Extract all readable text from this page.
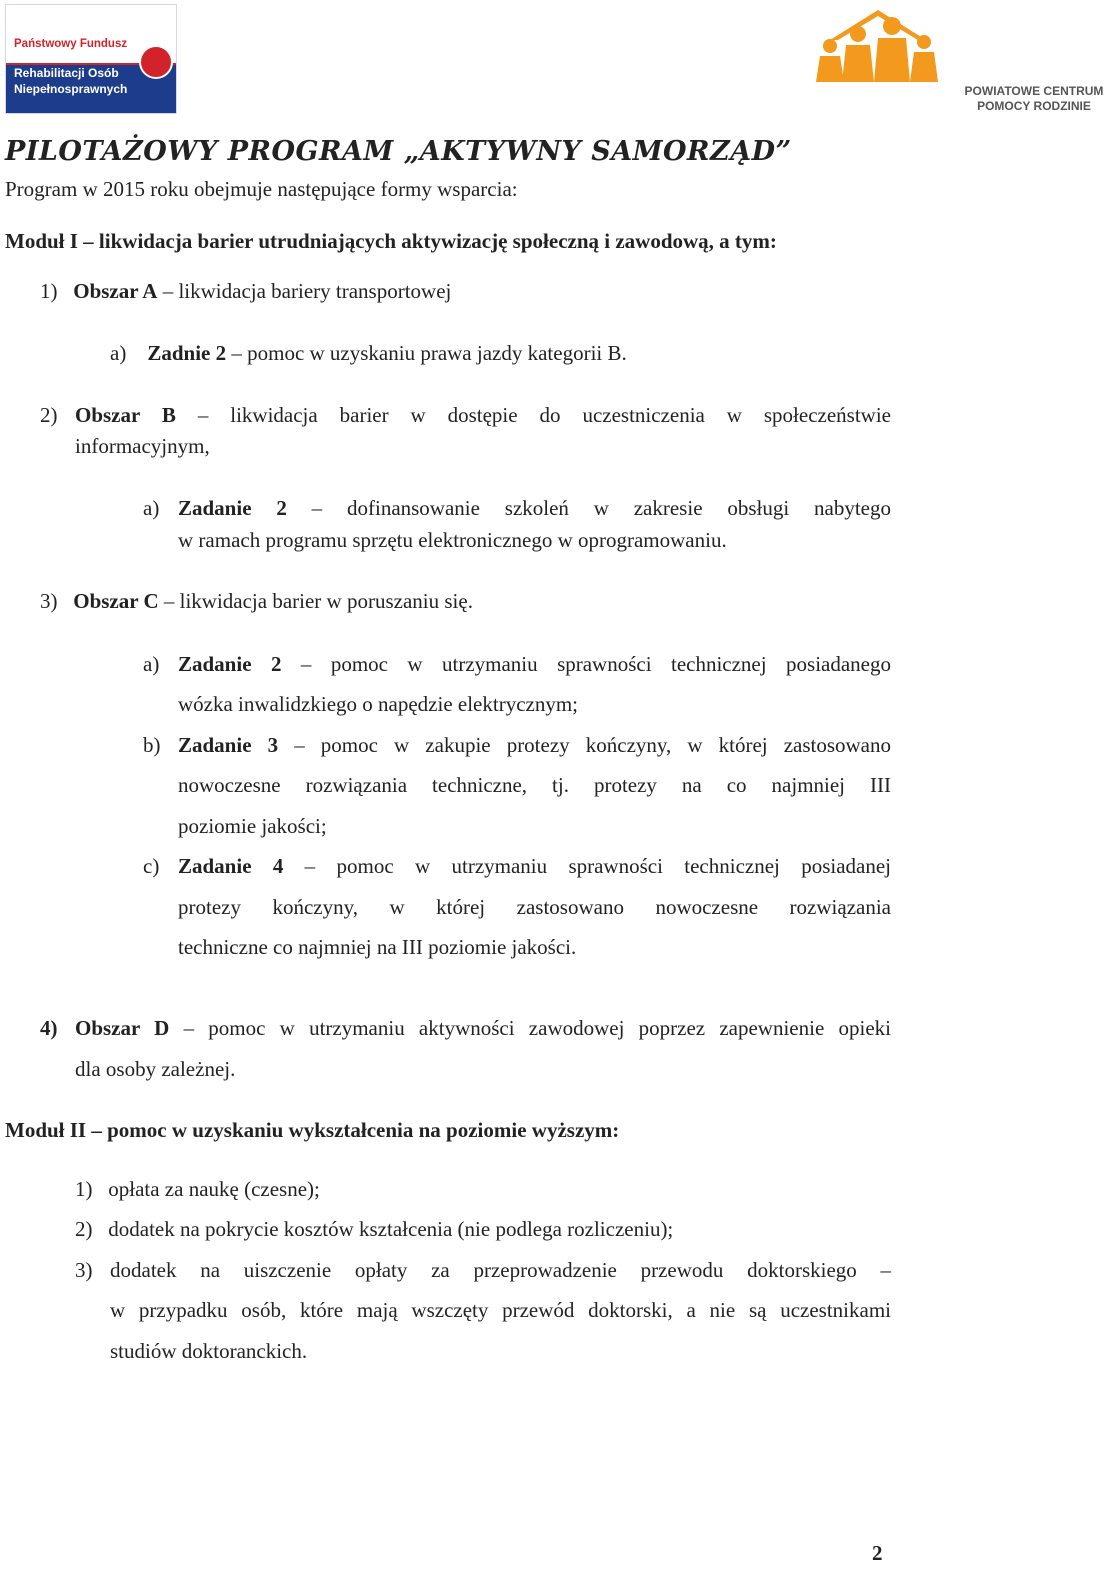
Państwowy Fundusz
Rehabilitacji Osób
Niepełnosprawnych	POWIATOWE CENTRUM
POMOCY RODZINIE
PILOTAŻOWY PROGRAM „AKTYWNY SAMORZĄD”
Program w 2015 roku obejmuje następujące formy wsparcia:
Moduł I – likwidacja barier utrudniających aktywizację społeczną i zawodową, a tym:
1) Obszar A – likwidacja bariery transportowej
a) Zadnie 2 – pomoc w uzyskaniu prawa jazdy kategorii B.
2) Obszar B – likwidacja barier w dostępie do uczestniczenia w społeczeństwie
informacyjnym,
a) Zadanie 2 – dofinansowanie szkoleń w zakresie obsługi nabytego
w ramach programu sprzętu elektronicznego w oprogramowaniu.
3) Obszar C – likwidacja barier w poruszaniu się.
a) Zadanie 2 – pomoc w utrzymaniu sprawności technicznej posiadanego
wózka inwalidzkiego o napędzie elektrycznym;
b) Zadanie 3 – pomoc w zakupie protezy kończyny, w której zastosowano
nowoczesne rozwiązania techniczne, tj. protezy na co najmniej III
poziomie jakości;
c) Zadanie 4 – pomoc w utrzymaniu sprawności technicznej posiadanej
protezy kończyny, w której zastosowano nowoczesne rozwiązania
techniczne co najmniej na III poziomie jakości.
4) Obszar D – pomoc w utrzymaniu aktywności zawodowej poprzez zapewnienie opieki
dla osoby zależnej.
Moduł II – pomoc w uzyskaniu wykształcenia na poziomie wyższym:
1) opłata za naukę (czesne);
2) dodatek na pokrycie kosztów kształcenia (nie podlega rozliczeniu);
3) dodatek na uiszczenie opłaty za przeprowadzenie przewodu doktorskiego –
w przypadku osób, które mają wszczęty przewód doktorski, a nie są uczestnikami
studiów doktoranckich.
2
